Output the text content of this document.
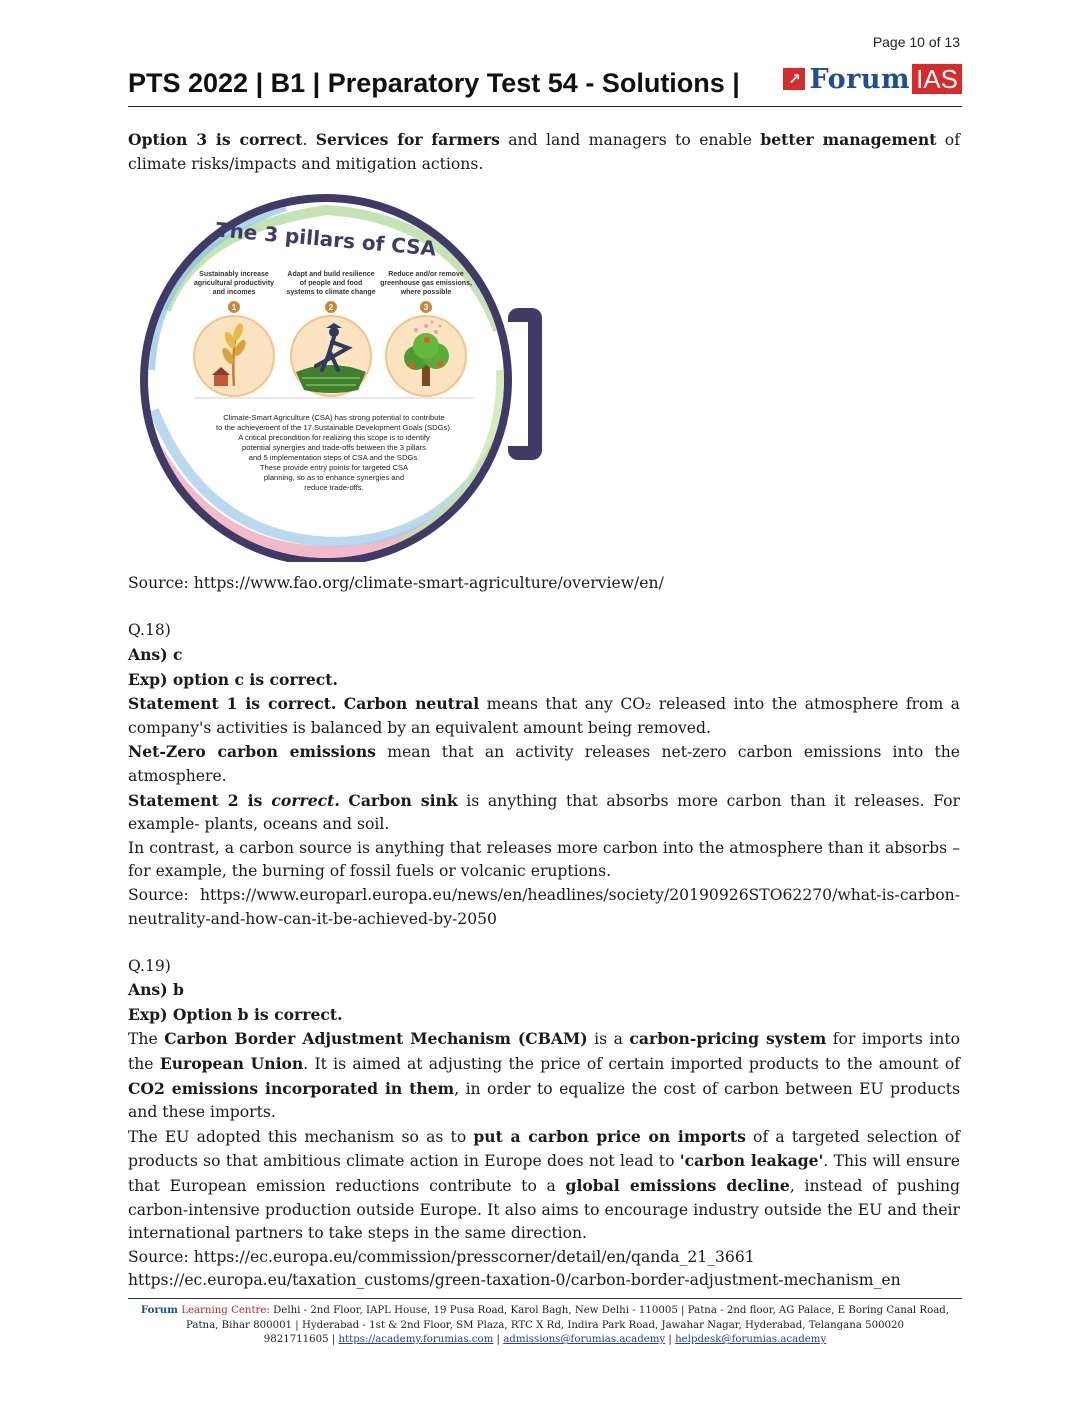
Page 10 of 13
PTS 2022 | B1 | Preparatory Test 54 - Solutions |	↗ Forum IAS

Option 3 is correct. Services for farmers and land managers to enable better management of climate risks/impacts and mitigation actions.

The 3 pillars of CSA
Sustainably increase
agricultural productivity
and incomes
1
Adapt and build resilience
of people and food
systems to climate change
2
Reduce and/or remove
greenhouse gas emissions,
where possible
3
Climate-Smart Agriculture (CSA) has strong potential to contribute
to the achievement of the 17 Sustainable Development Goals (SDGs).
A critical precondition for realizing this scope is to identify
potential synergies and trade-offs between the 3 pillars
and 5 implementation steps of CSA and the SDGs.
These provide entry points for targeted CSA
planning, so as to enhance synergies and
reduce trade-offs.

Source: https://www.fao.org/climate-smart-agriculture/overview/en/

Q.18)

Ans) c

Exp) option c is correct.

Statement 1 is correct. Carbon neutral means that any CO₂ released into the atmosphere from a company's activities is balanced by an equivalent amount being removed.

Net-Zero carbon emissions mean that an activity releases net-zero carbon emissions into the atmosphere.

Statement 2 is correct. Carbon sink is anything that absorbs more carbon than it releases. For example- plants, oceans and soil.

In contrast, a carbon source is anything that releases more carbon into the atmosphere than it absorbs – for example, the burning of fossil fuels or volcanic eruptions.

Source: https://www.europarl.europa.eu/news/en/headlines/society/20190926STO62270/what-is-carbon-neutrality-and-how-can-it-be-achieved-by-2050

Q.19)

Ans) b

Exp) Option b is correct.

The Carbon Border Adjustment Mechanism (CBAM) is a carbon-pricing system for imports into the European Union. It is aimed at adjusting the price of certain imported products to the amount of CO2 emissions incorporated in them, in order to equalize the cost of carbon between EU products and these imports.

The EU adopted this mechanism so as to put a carbon price on imports of a targeted selection of products so that ambitious climate action in Europe does not lead to 'carbon leakage'. This will ensure that European emission reductions contribute to a global emissions decline, instead of pushing carbon-intensive production outside Europe. It also aims to encourage industry outside the EU and their international partners to take steps in the same direction.

Source: https://ec.europa.eu/commission/presscorner/detail/en/qanda_21_3661

https://ec.europa.eu/taxation_customs/green-taxation-0/carbon-border-adjustment-mechanism_en

Forum Learning Centre: Delhi - 2nd Floor, IAPL House, 19 Pusa Road, Karol Bagh, New Delhi - 110005 | Patna - 2nd floor, AG Palace, E Boring Canal Road,
Patna, Bihar 800001 | Hyderabad - 1st & 2nd Floor, SM Plaza, RTC X Rd, Indira Park Road, Jawahar Nagar, Hyderabad, Telangana 500020
9821711605 | https://academy.forumias.com | admissions@forumias.academy | helpdesk@forumias.academy
